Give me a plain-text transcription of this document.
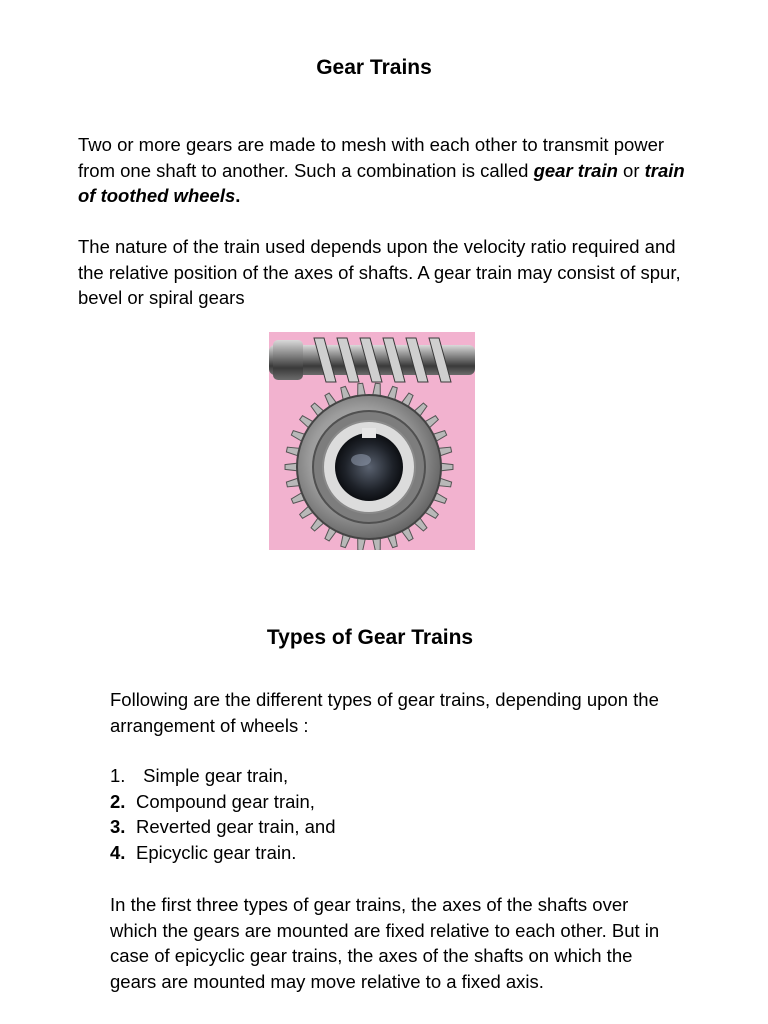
Gear Trains

Two or more gears are made to mesh with each other to transmit power from one shaft to another. Such a combination is called gear train or train of toothed wheels.

The nature of the train used depends upon the velocity ratio required and the relative position of the axes of shafts. A gear train may consist of spur, bevel or spiral gears

Types of Gear Trains

Following are the different types of gear trains, depending upon the arrangement of wheels :

1.
Simple gear train,
2. Compound gear train,
3. Reverted gear train, and
4. Epicyclic gear train.

In the first three types of gear trains, the axes of the shafts over which the gears are mounted are fixed relative to each other. But in case of epicyclic gear trains, the axes of the shafts on which the gears are mounted may move relative to a fixed axis.
